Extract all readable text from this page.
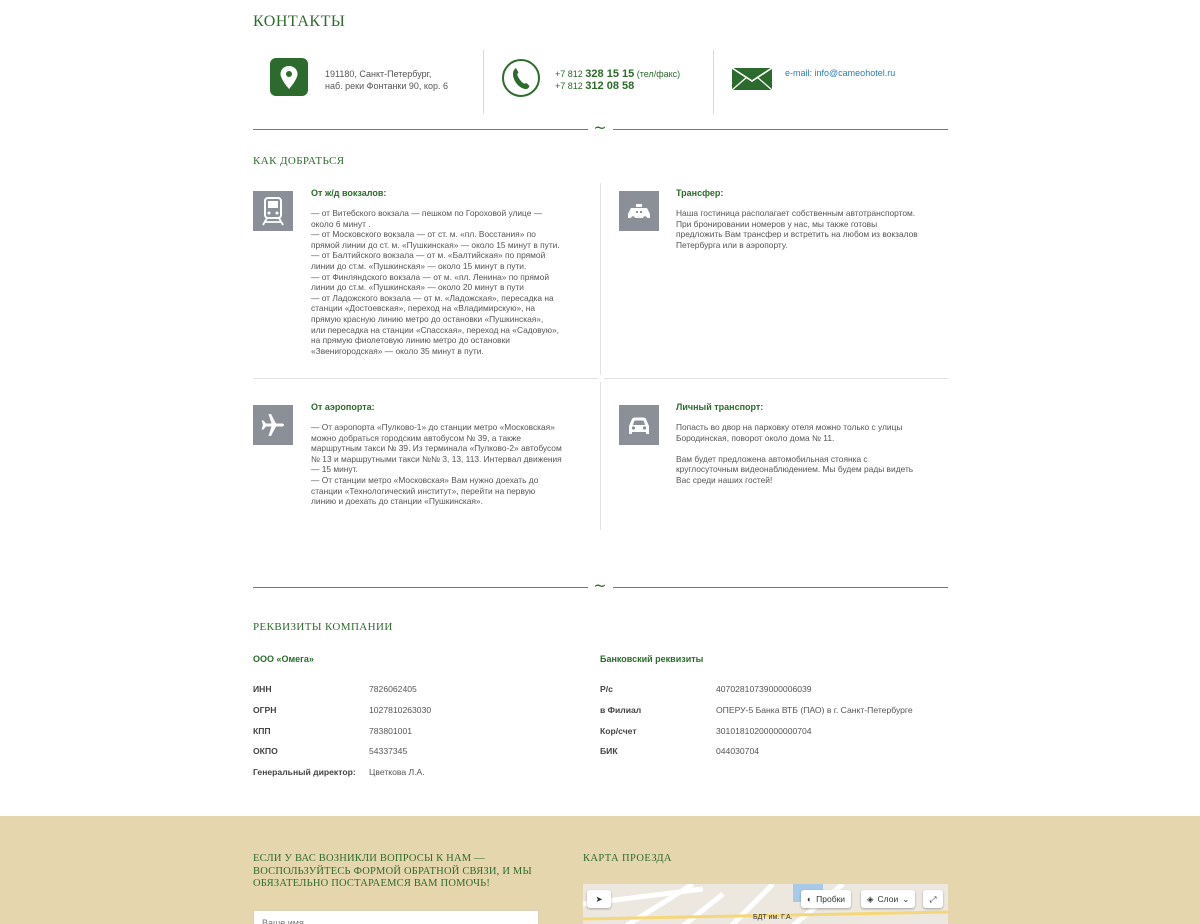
КОНТАКТЫ
191180, Санкт-Петербург,
наб. реки Фонтанки 90, кор. 6
+7 812 328 15 15 (тел/факс)
+7 812 312 08 58
e-mail: info@cameohotel.ru
~
КАК ДОБРАТЬСЯ
От ж/д вокзалов:
— от Витебского вокзала — пешком по Гороховой улице —
около 6 минут .
— от Московского вокзала — от ст. м. «пл. Восстания» по
прямой линии до ст. м. «Пушкинская» — около 15 минут в пути.
— от Балтийского вокзала — от м. «Балтийская» по прямой
линии до ст.м. «Пушкинская» — около 15 минут в пути.
— от Финляндского вокзала — от м. «пл. Ленина» по прямой
линии до ст.м. «Пушкинская» — около 20 минут в пути
— от Ладожского вокзала — от м. «Ладожская», пересадка на
станции «Достоевская», переход на «Владимирскую», на
прямую красную линию метро до остановки «Пушкинская»,
или пересадка на станции «Спасская», переход на «Садовую»,
на прямую фиолетовую линию метро до остановки
«Звенигородская» — около 35 минут в пути.
Трансфер:
Наша гостиница располагает собственным автотранспортом.
При бронировании номеров у нас, мы также готовы
предложить Вам трансфер и встретить на любом из вокзалов
Петербурга или в аэропорту.
От аэропорта:
— От аэропорта «Пулково-1» до станции метро «Московская»
можно добраться городским автобусом № 39, а также
маршрутным такси № 39. Из терминала «Пулково-2» автобусом
№ 13 и маршрутными такси №№ 3, 13, 113. Интервал движения
— 15 минут.
— От станции метро «Московская» Вам нужно доехать до
станции «Технологический институт», перейти на первую
линию и доехать до станции «Пушкинская».
Личный транспорт:
Попасть во двор на парковку отеля можно только с улицы
Бородинская, поворот около дома № 11.

Вам будет предложена автомобильная стоянка с
круглосуточным видеонаблюдением. Мы будем рады видеть
Вас среди наших гостей!
~
РЕКВИЗИТЫ КОМПАНИИ
ООО «Омега»	Банковский реквизиты
ИНН	7826062405
ОГРН	1027810263030
КПП	783801001
ОКПО	54337345
Генеральный директор: Цветкова Л.А.
Р/с	40702810739000006039
в Филиал	ОПЕРУ-5 Банка ВТБ (ПАО) в г. Санкт-Петербурге
Кор/счет	30101810200000000704
БИК	044030704
ЕСЛИ У ВАС ВОЗНИКЛИ ВОПРОСЫ К НАМ — ВОСПОЛЬЗУЙТЕСЬ ФОРМОЙ ОБРАТНОЙ СВЯЗИ, И МЫ ОБЯЗАТЕЛЬНО ПОСТАРАЕМСЯ ВАМ ПОМОЧЬ!
КАРТА ПРОЕЗДА
Ваше имя
➤
БДТ им. Г.А.
◐ Пробки	◈ Слои ⌄ ⤢
